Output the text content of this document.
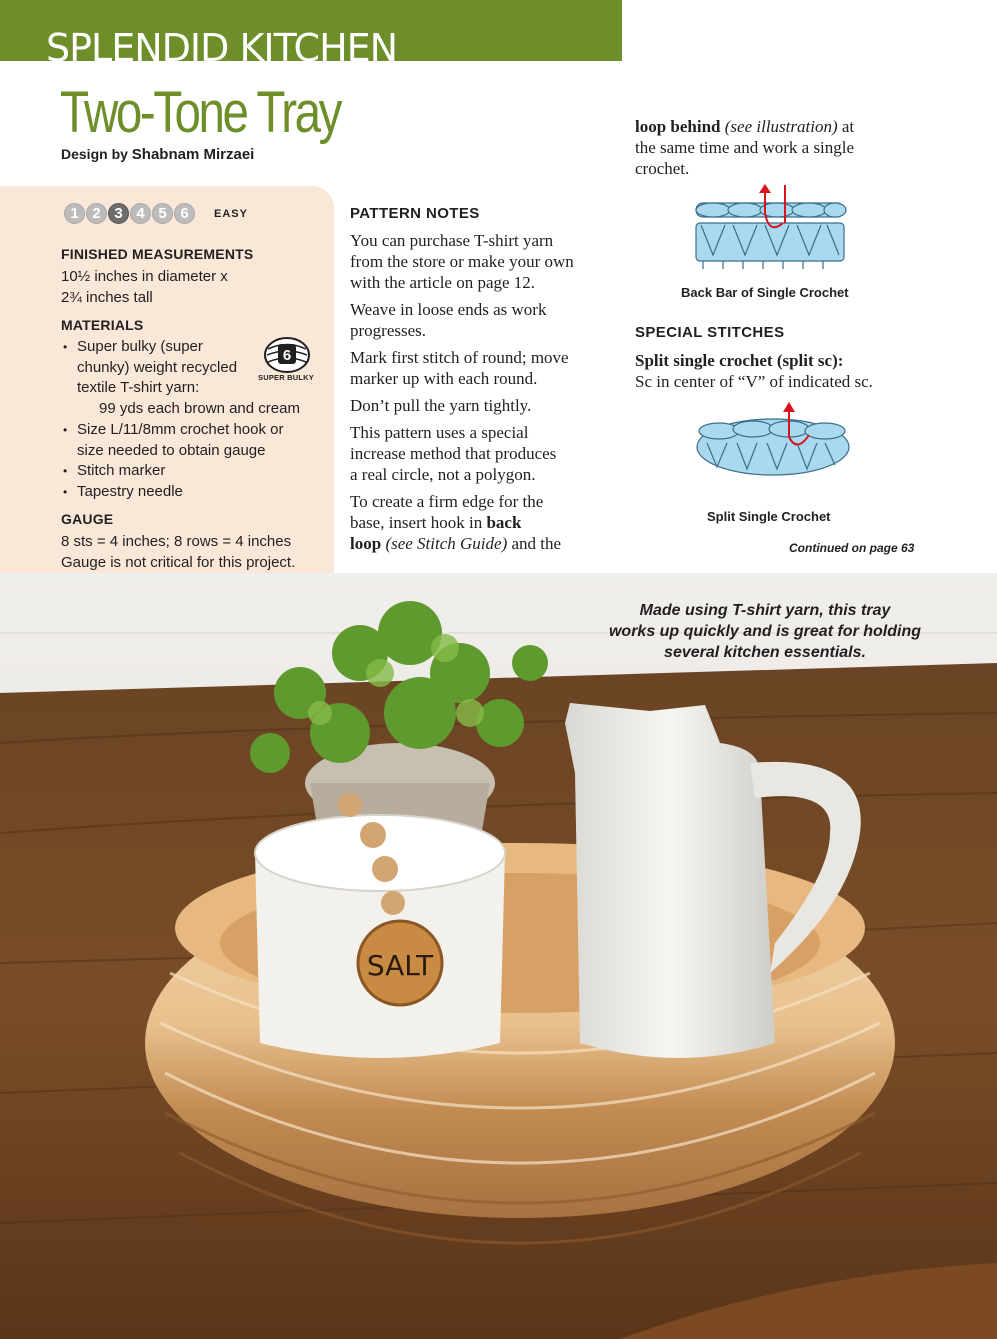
SPLENDID KITCHEN
Two-Tone Tray
Design by Shabnam Mirzaei
1 2 3 4 5 6	EASY
FINISHED MEASUREMENTS
10½ inches in diameter x
2¾ inches tall
MATERIALS
• Super bulky (super
chunky) weight recycled
textile T-shirt yarn:
99 yds each brown and cream
• Size L/11/8mm crochet hook or
size needed to obtain gauge
• Stitch marker
• Tapestry needle
6
SUPER BULKY
GAUGE
8 sts = 4 inches; 8 rows = 4 inches
Gauge is not critical for this project.
PATTERN NOTES

You can purchase T-shirt yarn
from the store or make your own
with the article on page 12.

Weave in loose ends as work
progresses.

Mark first stitch of round; move
marker up with each round.

Don’t pull the yarn tightly.

This pattern uses a special
increase method that produces
a real circle, not a polygon.

To create a firm edge for the
base, insert hook in back
loop (see Stitch Guide) and the

loop behind (see illustration) at
the same time and work a single
crochet.
Back Bar of Single Crochet
SPECIAL STITCHES
Split single crochet (split sc):
Sc in center of “V” of indicated sc.
Split Single Crochet
Continued on page 63
SALT
Made using T-shirt yarn, this tray
works up quickly and is great for holding
several kitchen essentials.
